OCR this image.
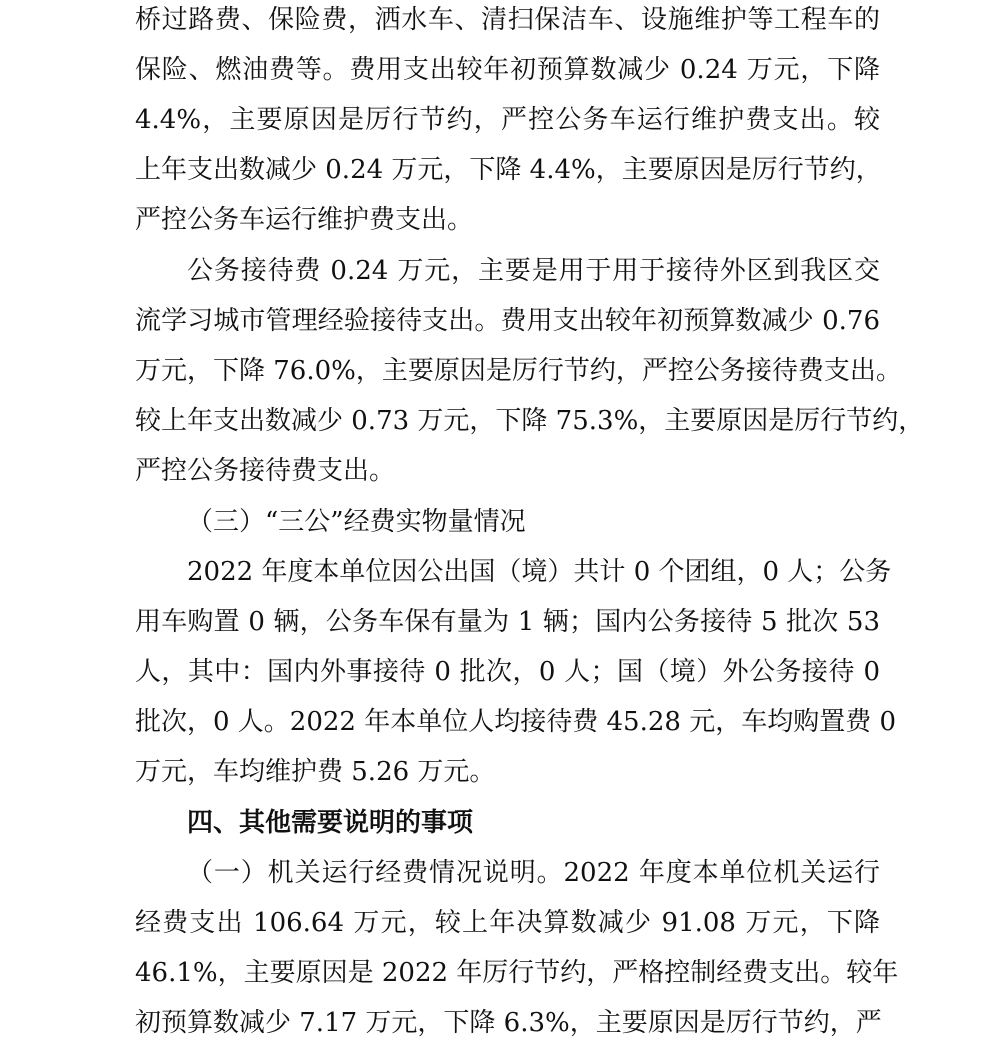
桥过路费、保险费，洒水车、清扫保洁车、设施维护等工程车的
保险、燃油费等。费用支出较年初预算数减少 0.24 万元，下降
4.4%，主要原因是厉行节约，严控公务车运行维护费支出。较
上年支出数减少 0.24 万元，下降 4.4%，主要原因是厉行节约，
严控公务车运行维护费支出。
公务接待费 0.24 万元，主要是用于用于接待外区到我区交
流学习城市管理经验接待支出。费用支出较年初预算数减少 0.76
万元，下降 76.0%，主要原因是厉行节约，严控公务接待费支出。
较上年支出数减少 0.73 万元，下降 75.3%，主要原因是厉行节约，
严控公务接待费支出。
（三）“三公”经费实物量情况
2022 年度本单位因公出国（境）共计 0 个团组，0 人；公务
用车购置 0 辆，公务车保有量为 1 辆；国内公务接待 5 批次 53
人，其中：国内外事接待 0 批次，0 人；国（境）外公务接待 0
批次，0 人。2022 年本单位人均接待费 45.28 元，车均购置费 0
万元，车均维护费 5.26 万元。
四、其他需要说明的事项
（一）机关运行经费情况说明。2022 年度本单位机关运行
经费支出 106.64 万元，较上年决算数减少 91.08 万元，下降
46.1%，主要原因是 2022 年厉行节约，严格控制经费支出。较年
初预算数减少 7.17 万元，下降 6.3%，主要原因是厉行节约，严
